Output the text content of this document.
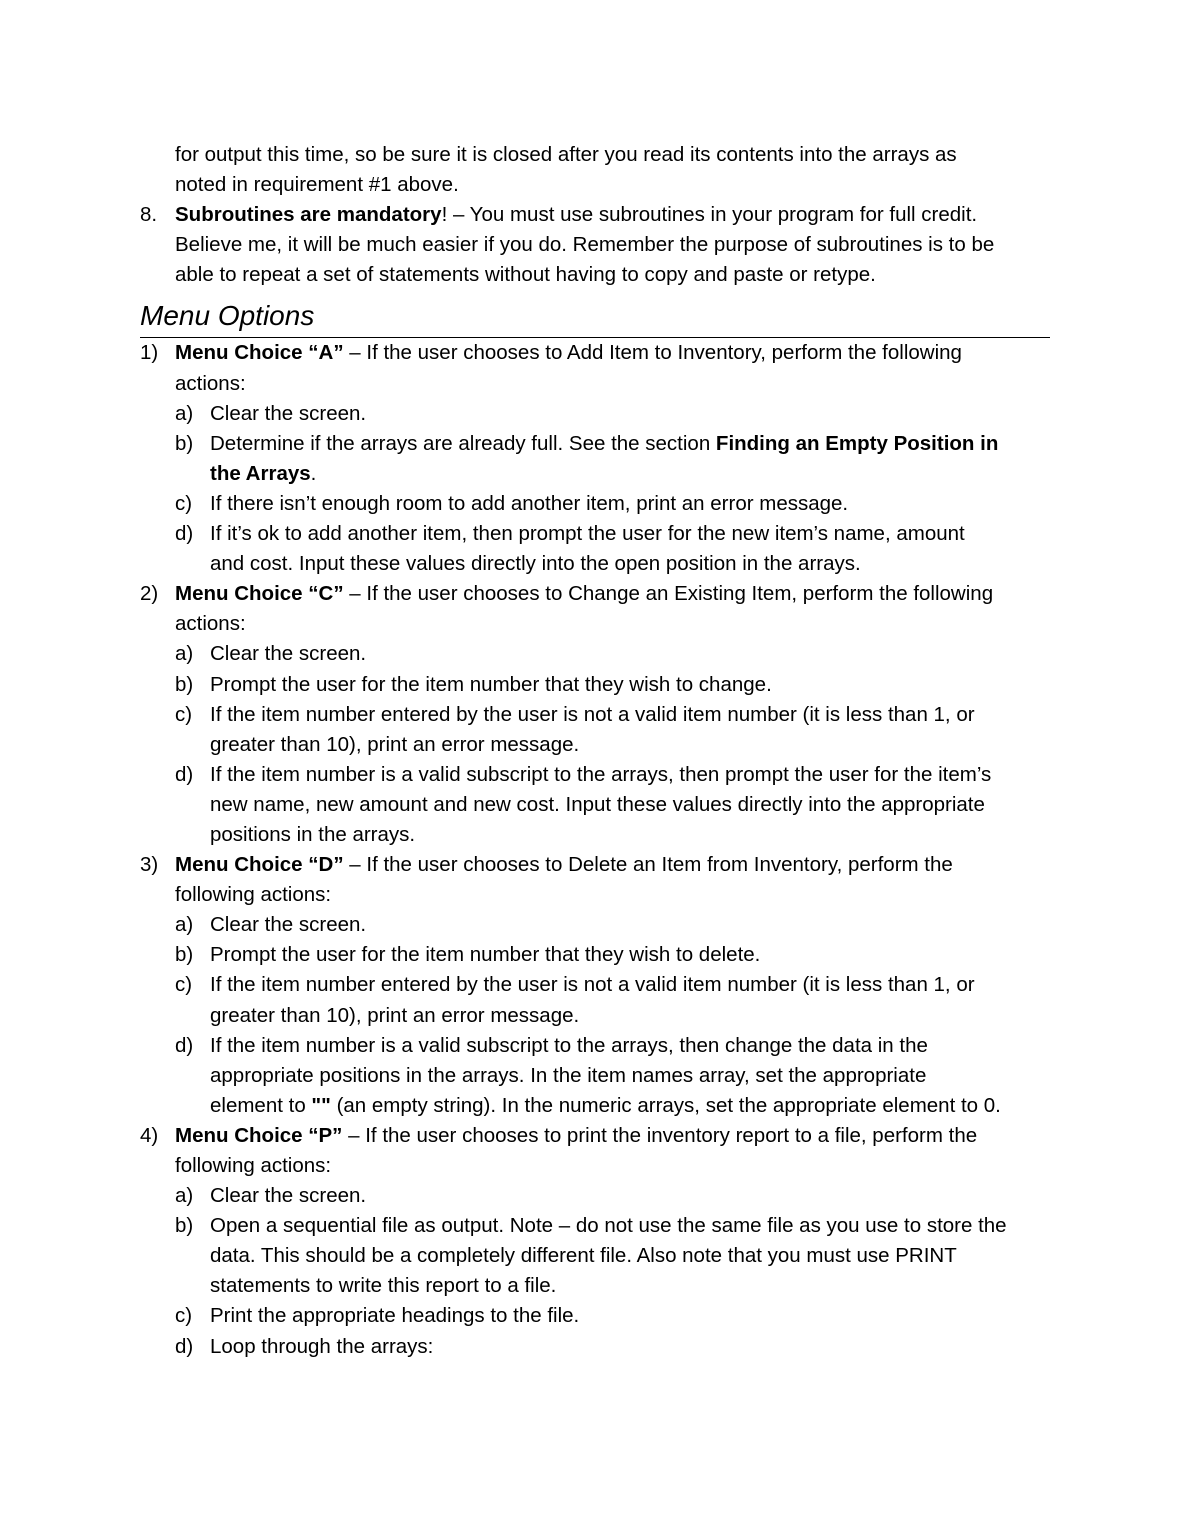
for output this time, so be sure it is closed after you read its contents into the arrays as
noted in requirement #1 above.
8. Subroutines are mandatory! – You must use subroutines in your program for full credit.
Believe me, it will be much easier if you do. Remember the purpose of subroutines is to be
able to repeat a set of statements without having to copy and paste or retype.
Menu Options
1) Menu Choice “A” – If the user chooses to Add Item to Inventory, perform the following
actions:
a) Clear the screen.
b) Determine if the arrays are already full. See the section Finding an Empty Position in
the Arrays.
c) If there isn’t enough room to add another item, print an error message.
d) If it’s ok to add another item, then prompt the user for the new item’s name, amount
and cost. Input these values directly into the open position in the arrays.
2) Menu Choice “C” – If the user chooses to Change an Existing Item, perform the following
actions:
a) Clear the screen.
b) Prompt the user for the item number that they wish to change.
c) If the item number entered by the user is not a valid item number (it is less than 1, or
greater than 10), print an error message.
d) If the item number is a valid subscript to the arrays, then prompt the user for the item’s
new name, new amount and new cost. Input these values directly into the appropriate
positions in the arrays.
3) Menu Choice “D” – If the user chooses to Delete an Item from Inventory, perform the
following actions:
a) Clear the screen.
b) Prompt the user for the item number that they wish to delete.
c) If the item number entered by the user is not a valid item number (it is less than 1, or
greater than 10), print an error message.
d) If the item number is a valid subscript to the arrays, then change the data in the
appropriate positions in the arrays. In the item names array, set the appropriate
element to "" (an empty string). In the numeric arrays, set the appropriate element to 0.
4) Menu Choice “P” – If the user chooses to print the inventory report to a file, perform the
following actions:
a) Clear the screen.
b) Open a sequential file as output. Note – do not use the same file as you use to store the
data. This should be a completely different file. Also note that you must use PRINT
statements to write this report to a file.
c) Print the appropriate headings to the file.
d) Loop through the arrays:
